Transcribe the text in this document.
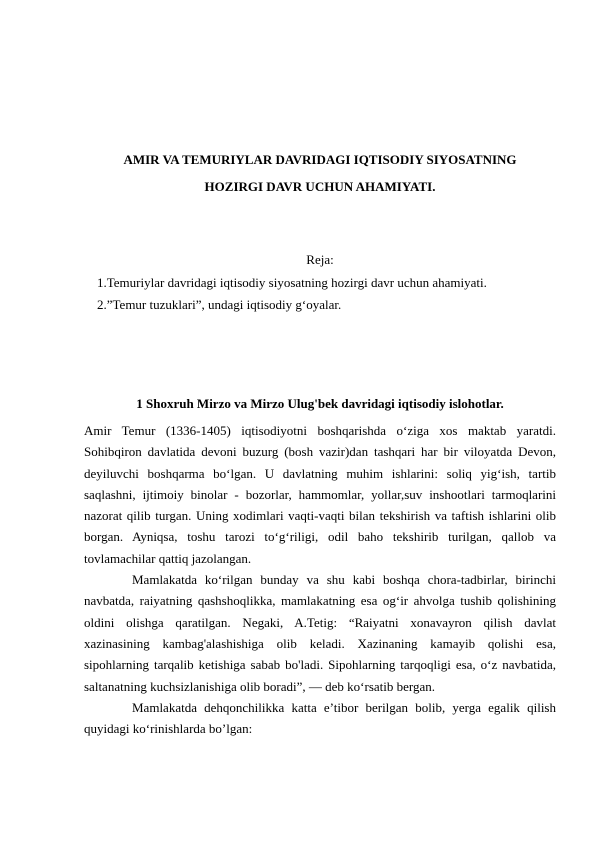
AMIR VA TEMURIYLAR DAVRIDAGI IQTISODIY SIYOSATNING
HOZIRGI DAVR UCHUN AHAMIYATI.
Reja:
1.Temuriylar davridagi iqtisodiy siyosatning hozirgi davr uchun ahamiyati.
2.”Temur tuzuklari”, undagi iqtisodiy g‘oyalar.
1 Shoxruh Mirzo va Mirzo Ulug'bek davridagi iqtisodiy islohotlar.

Amir Temur (1336-1405) iqtisodiyotni boshqarishda o‘ziga xos maktab yaratdi. Sohibqiron davlatida devoni buzurg (bosh vazir)dan tashqari har bir viloyatda Devon, deyiluvchi boshqarma bo‘lgan. U davlatning muhim ishlarini: soliq yig‘ish, tartib saqlashni, ijtimoiy binolar - bozorlar, hammomlar, yollar,suv inshootlari tarmoqlarini nazorat qilib turgan. Uning xodimlari vaqti-vaqti bilan tekshirish va taftish ishlarini olib borgan. Ayniqsa, toshu tarozi to‘g‘riligi, odil baho tekshirib turilgan, qallob va tovlamachilar qattiq jazolangan.

Mamlakatda ko‘rilgan bunday va shu kabi boshqa chora-tadbirlar, birinchi navbatda, raiyatning qashshoqlikka, mamlakatning esa og‘ir ahvolga tushib qolishining oldini olishga qaratilgan. Negaki, A.Tetig: “Raiyatni xonavayron qilish davlat xazinasining kambag'alashishiga olib keladi. Xazinaning kamayib qolishi esa, sipohlarning tarqalib ketishiga sabab bo'ladi. Sipohlarning tarqoqligi esa, o‘z navbatida, saltanatning kuchsizlanishiga olib boradi”, — deb ko‘rsatib bergan.

Mamlakatda dehqonchilikka katta e’tibor berilgan bolib, yerga egalik qilish quyidagi ko‘rinishlarda bo’lgan:
